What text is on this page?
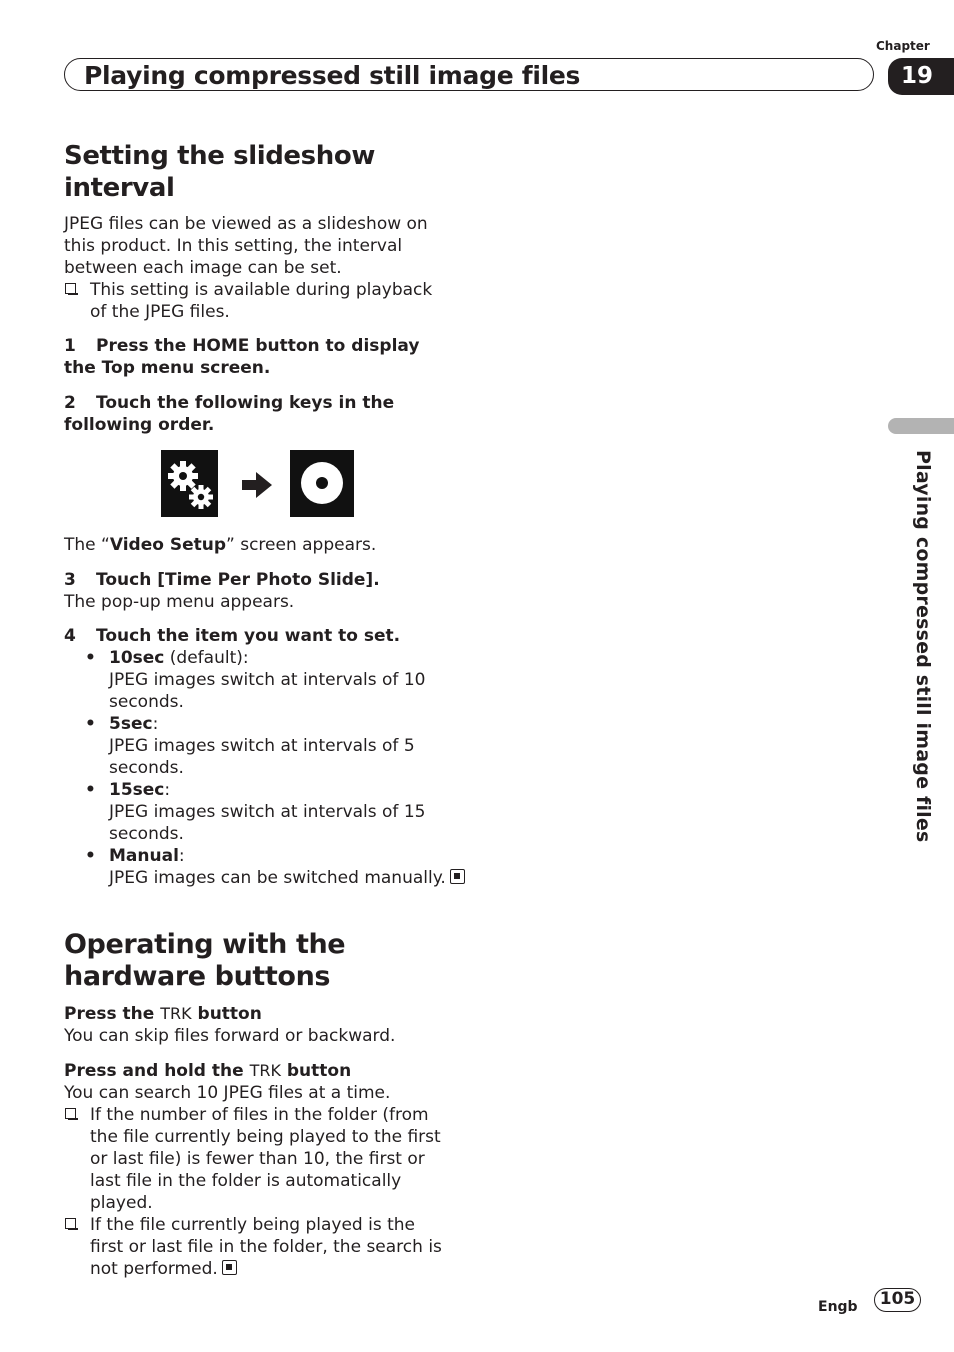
Chapter
Playing compressed still image files	19
Playing compressed still image files
Setting the slideshow interval

JPEG files can be viewed as a slideshow on this product. In this setting, the interval between each image can be set.

This setting is available during playback of the JPEG files.

1 Press the HOME button to display the Top menu screen.

2 Touch the following keys in the following order.

The “Video Setup” screen appears.

3 Touch [Time Per Photo Slide].

The pop-up menu appears.

4 Touch the item you want to set.

• 10sec (default):
JPEG images switch at intervals of 10 seconds.

• 5sec:
JPEG images switch at intervals of 5 seconds.

• 15sec:
JPEG images switch at intervals of 15 seconds.

• Manual:
JPEG images can be switched manually.

Operating with the
hardware buttons

Press the TRK button

You can skip files forward or backward.

Press and hold the TRK button

You can search 10 JPEG files at a time.

If the number of files in the folder (from the file currently being played to the first or last file) is fewer than 10, the first or last file in the folder is automatically played.

If the file currently being played is the first or last file in the folder, the search is not performed.

Engb	105
